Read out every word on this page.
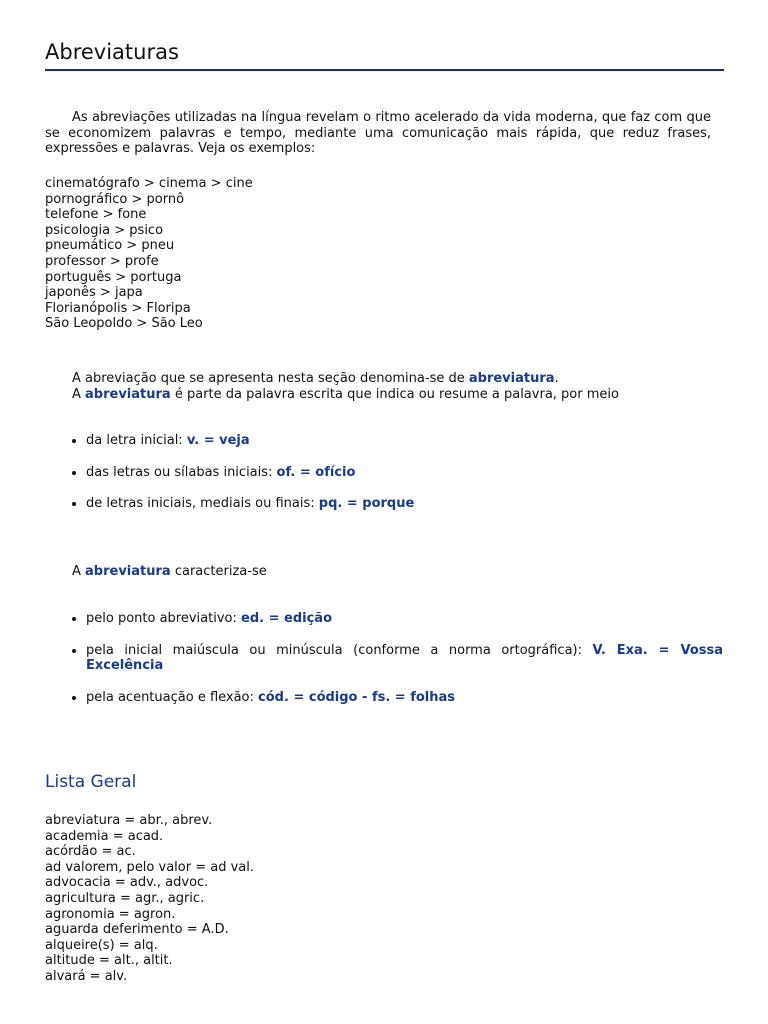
Abreviaturas

As abreviações utilizadas na língua revelam o ritmo acelerado da vida moderna, que faz com que se economizem palavras e tempo, mediante uma comunicação mais rápida, que reduz frases, expressões e palavras. Veja os exemplos:

cinematógrafo > cinema > cine
pornográfico > pornô
telefone > fone
psicologia > psico
pneumático > pneu
professor > profe
português > portuga
japonês > japa
Florianópolis > Floripa
São Leopoldo > São Leo
A abreviação que se apresenta nesta seção denomina-se de abreviatura.
A abreviatura é parte da palavra escrita que indica ou resume a palavra, por meio
da letra inicial: v. = veja
das letras ou sílabas iniciais: of. = ofício
de letras iniciais, mediais ou finais: pq. = porque
A abreviatura caracteriza-se
pelo ponto abreviativo: ed. = edição
pela inicial maiúscula ou minúscula (conforme a norma ortográfica): V. Exa. = Vossa Excelência
pela acentuação e flexão: cód. = código - fs. = folhas
Lista Geral
abreviatura = abr., abrev.
academia = acad.
acórdão = ac.
ad valorem, pelo valor = ad val.
advocacia = adv., advoc.
agricultura = agr., agric.
agronomia = agron.
aguarda deferimento = A.D.
alqueire(s) = alq.
altitude = alt., altit.
alvará = alv.
